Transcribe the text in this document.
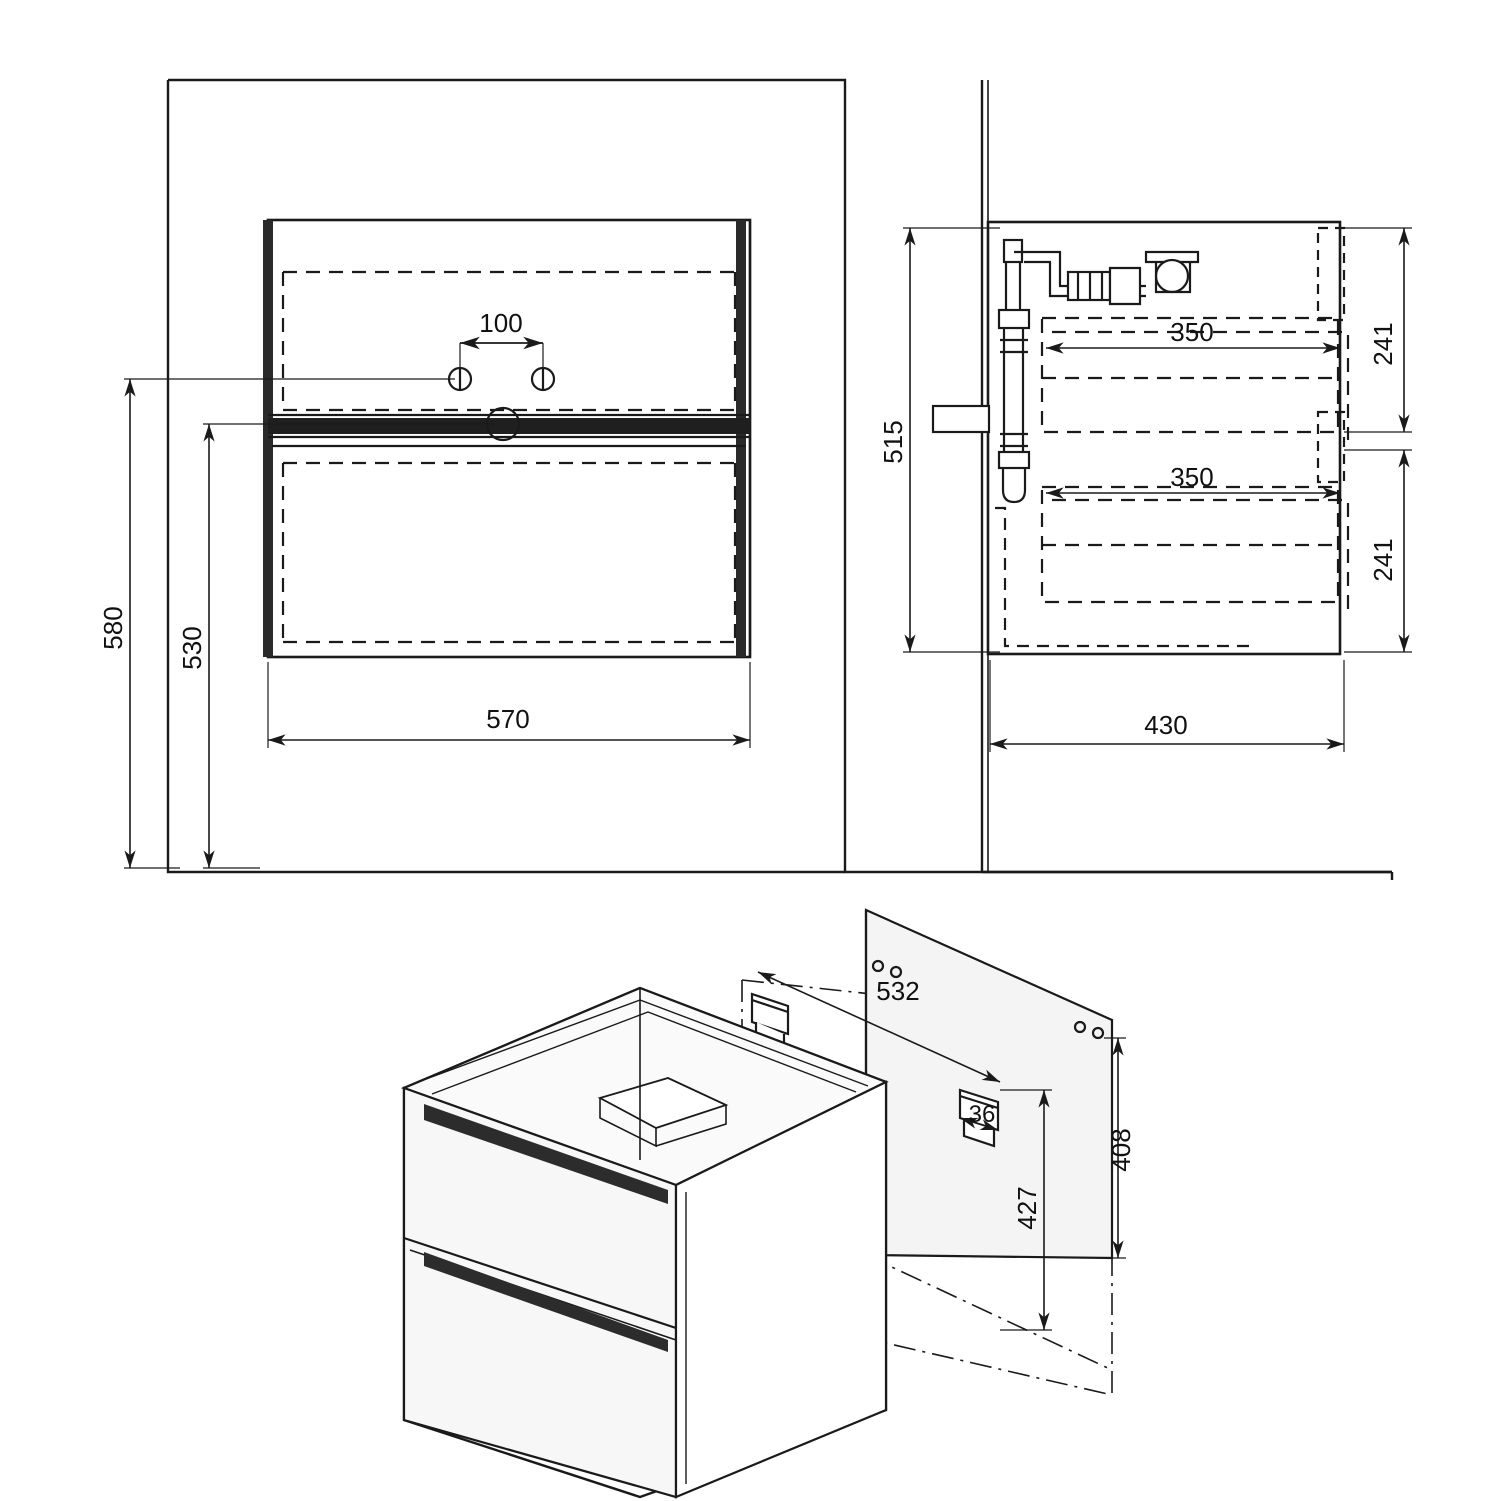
100
580 530
570
515
350
350
241
241
430
532
36
408
427
